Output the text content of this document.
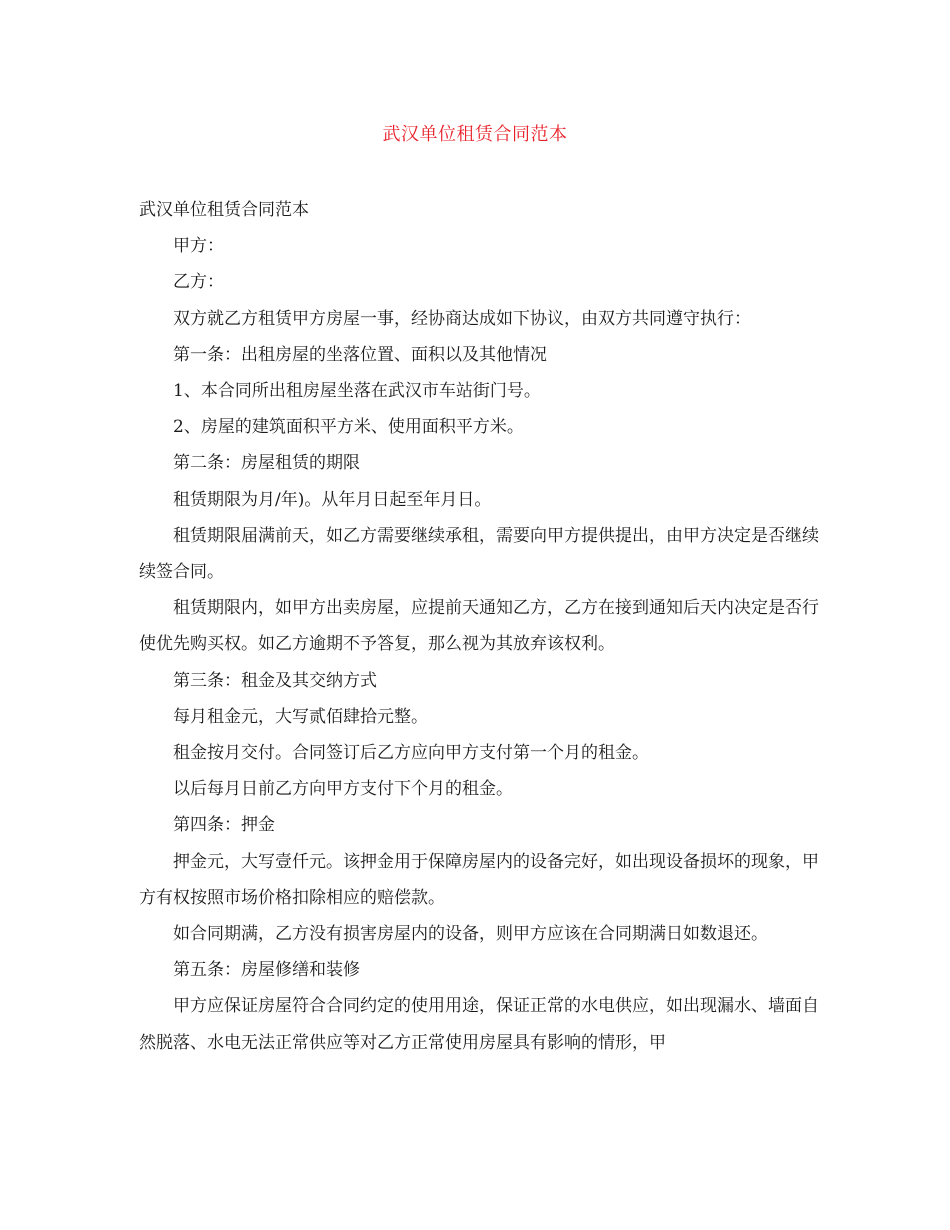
武汉单位租赁合同范本

武汉单位租赁合同范本

甲方：

乙方：

双方就乙方租赁甲方房屋一事，经协商达成如下协议，由双方共同遵守执行：

第一条：出租房屋的坐落位置、面积以及其他情况

1、本合同所出租房屋坐落在武汉市车站街门号。

2、房屋的建筑面积平方米、使用面积平方米。

第二条：房屋租赁的期限

租赁期限为月/年)。从年月日起至年月日。

租赁期限届满前天，如乙方需要继续承租，需要向甲方提供提出，由甲方决定是否继续续签合同。

租赁期限内，如甲方出卖房屋，应提前天通知乙方，乙方在接到通知后天内决定是否行使优先购买权。如乙方逾期不予答复，那么视为其放弃该权利。

第三条：租金及其交纳方式

每月租金元，大写贰佰肆拾元整。

租金按月交付。合同签订后乙方应向甲方支付第一个月的租金。

以后每月日前乙方向甲方支付下个月的租金。

第四条：押金

押金元，大写壹仟元。该押金用于保障房屋内的设备完好，如出现设备损坏的现象，甲方有权按照市场价格扣除相应的赔偿款。

如合同期满，乙方没有损害房屋内的设备，则甲方应该在合同期满日如数退还。

第五条：房屋修缮和装修

甲方应保证房屋符合合同约定的使用用途，保证正常的水电供应，如出现漏水、墙面自然脱落、水电无法正常供应等对乙方正常使用房屋具有影响的情形，甲
